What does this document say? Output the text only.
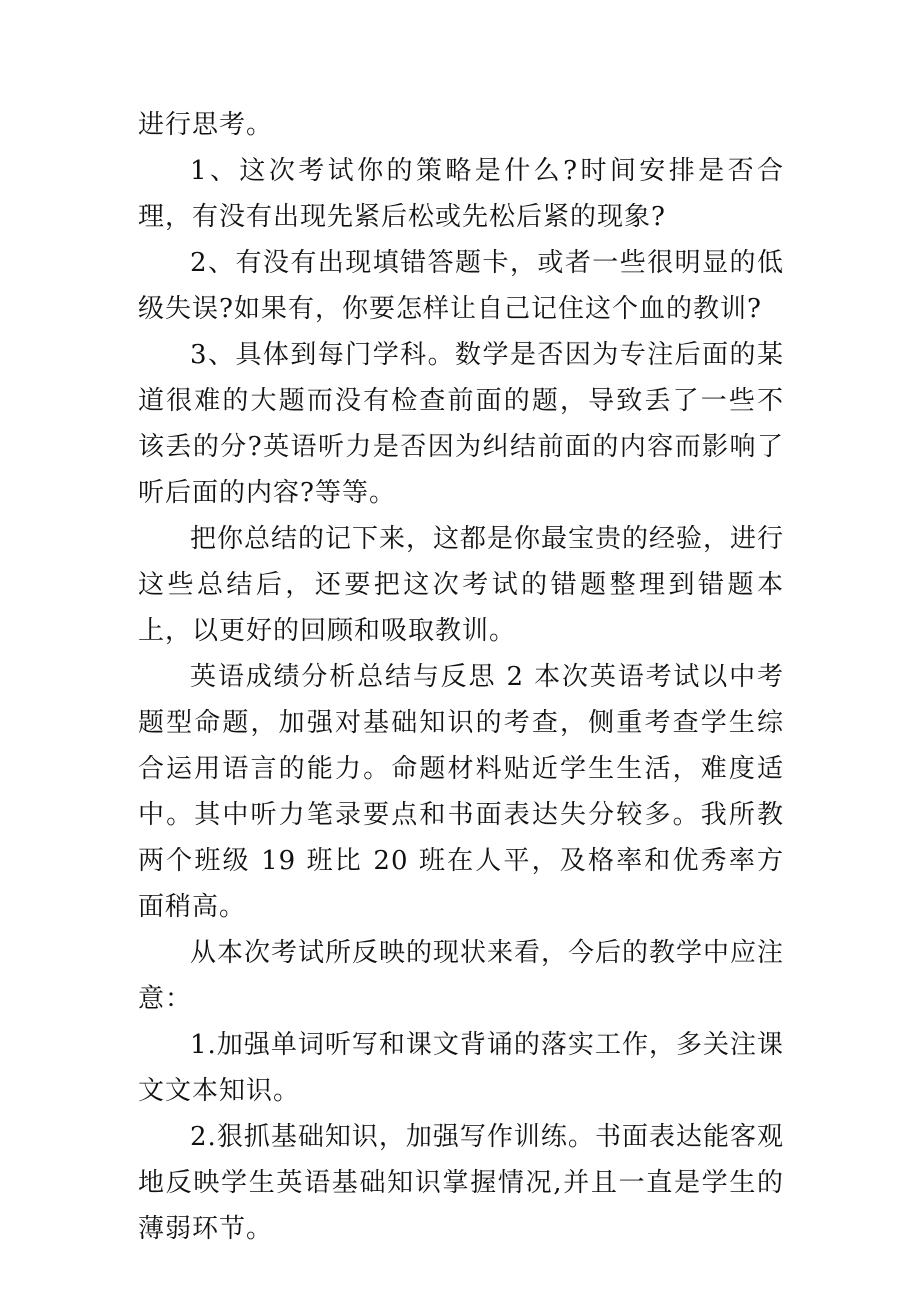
进行思考。

1、这次考试你的策略是什么?时间安排是否合理，有没有出现先紧后松或先松后紧的现象?

2、有没有出现填错答题卡，或者一些很明显的低级失误?如果有，你要怎样让自己记住这个血的教训?

3、具体到每门学科。数学是否因为专注后面的某道很难的大题而没有检查前面的题，导致丢了一些不该丢的分?英语听力是否因为纠结前面的内容而影响了听后面的内容?等等。

把你总结的记下来，这都是你最宝贵的经验，进行这些总结后，还要把这次考试的错题整理到错题本上，以更好的回顾和吸取教训。

英语成绩分析总结与反思 2 本次英语考试以中考题型命题，加强对基础知识的考查，侧重考查学生综合运用语言的能力。命题材料贴近学生生活，难度适中。其中听力笔录要点和书面表达失分较多。我所教两个班级 19 班比 20 班在人平，及格率和优秀率方面稍高。

从本次考试所反映的现状来看，今后的教学中应注意：

1.加强单词听写和课文背诵的落实工作，多关注课文文本知识。

2.狠抓基础知识，加强写作训练。书面表达能客观地反映学生英语基础知识掌握情况,并且一直是学生的薄弱环节。
